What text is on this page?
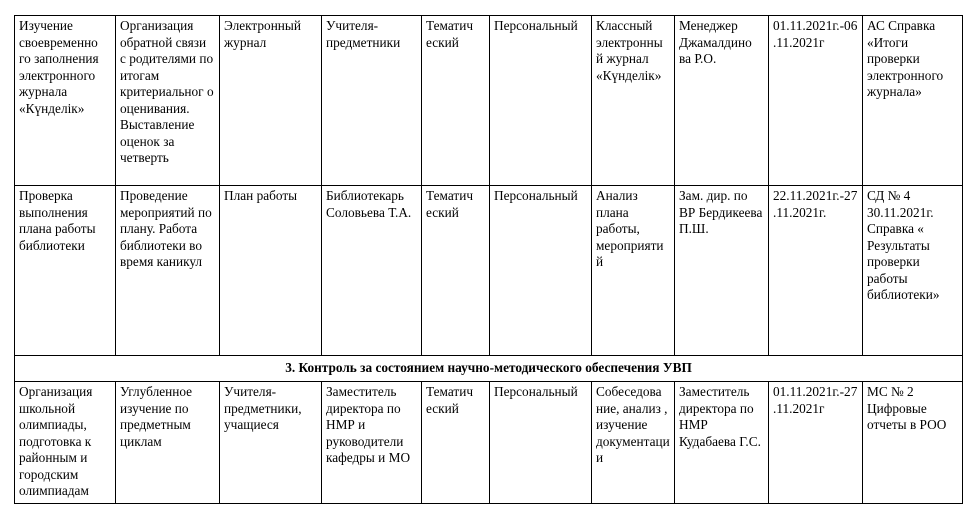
Изучение своевременно го заполнения электронного журнала «Күнделік»	Организация обратной связи с родителями по итогам критериальног о оценивания. Выставление оценок за четверть	Электронный журнал	Учителя-предметники	Тематич еский	Персональный	Классный электронны й журнал «Күнделік»	Менеджер Джамалдино ва Р.О.	01.11.2021г.-06.11.2021г	АС Справка «Итоги проверки электронного журнала»

Проверка выполнения плана работы библиотеки	Проведение мероприятий по плану. Работа библиотеки во время каникул	План работы	Библиотекарь Соловьева Т.А.	Тематич еский	Персональный	Анализ плана работы, мероприяти й	Зам. дир. по ВР Бердикеева П.Ш.	22.11.2021г.-27.11.2021г.	СД № 4 30.11.2021г. Справка « Результаты проверки работы библиотеки»

3. Контроль за состоянием научно-методического обеспечения УВП									

Организация школьной олимпиады, подготовка к районным и городским олимпиадам	Углубленное изучение по предметным циклам	Учителя-предметники, учащиеся	Заместитель директора по НМР и руководители кафедры и МО	Тематич еский	Персональный	Собеседова ние, анализ , изучение документаци и	Заместитель директора по НМР Кудабаева Г.С.	01.11.2021г.-27.11.2021г	МС № 2 Цифровые отчеты в РОО
